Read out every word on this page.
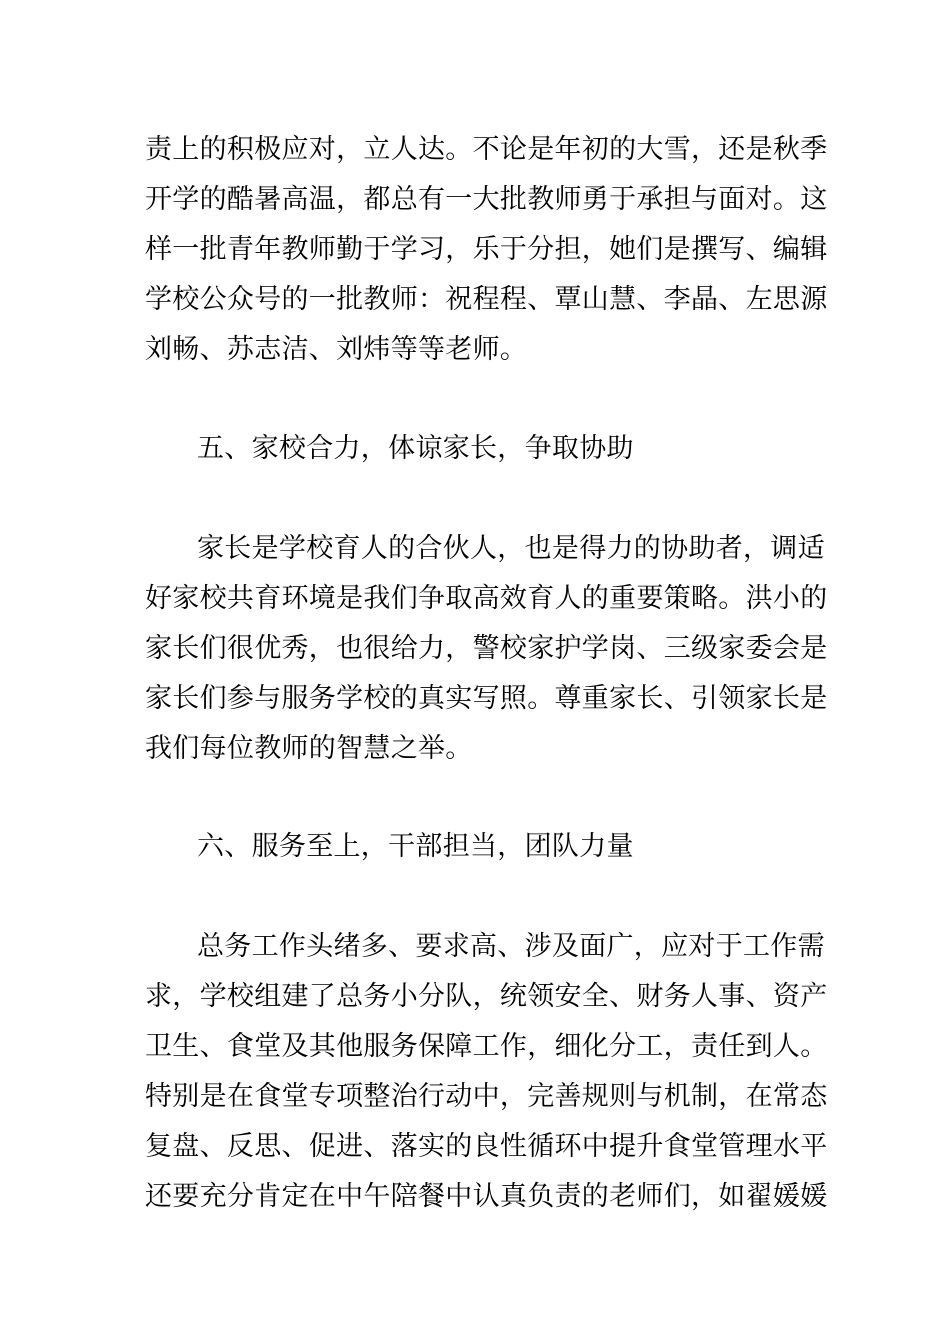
责上的积极应对，立人达。不论是年初的大雪，还是秋季
开学的酷暑高温，都总有一大批教师勇于承担与面对。这
样一批青年教师勤于学习，乐于分担，她们是撰写、编辑
学校公众号的一批教师：祝程程、覃山慧、李晶、左思源
刘畅、苏志洁、刘炜等等老师。
五、家校合力，体谅家长，争取协助
家长是学校育人的合伙人，也是得力的协助者，调适
好家校共育环境是我们争取高效育人的重要策略。洪小的
家长们很优秀，也很给力，警校家护学岗、三级家委会是
家长们参与服务学校的真实写照。尊重家长、引领家长是
我们每位教师的智慧之举。
六、服务至上，干部担当，团队力量
总务工作头绪多、要求高、涉及面广，应对于工作需
求，学校组建了总务小分队，统领安全、财务人事、资产
卫生、食堂及其他服务保障工作，细化分工，责任到人。
特别是在食堂专项整治行动中，完善规则与机制，在常态
复盘、反思、促进、落实的良性循环中提升食堂管理水平
还要充分肯定在中午陪餐中认真负责的老师们，如翟媛媛
